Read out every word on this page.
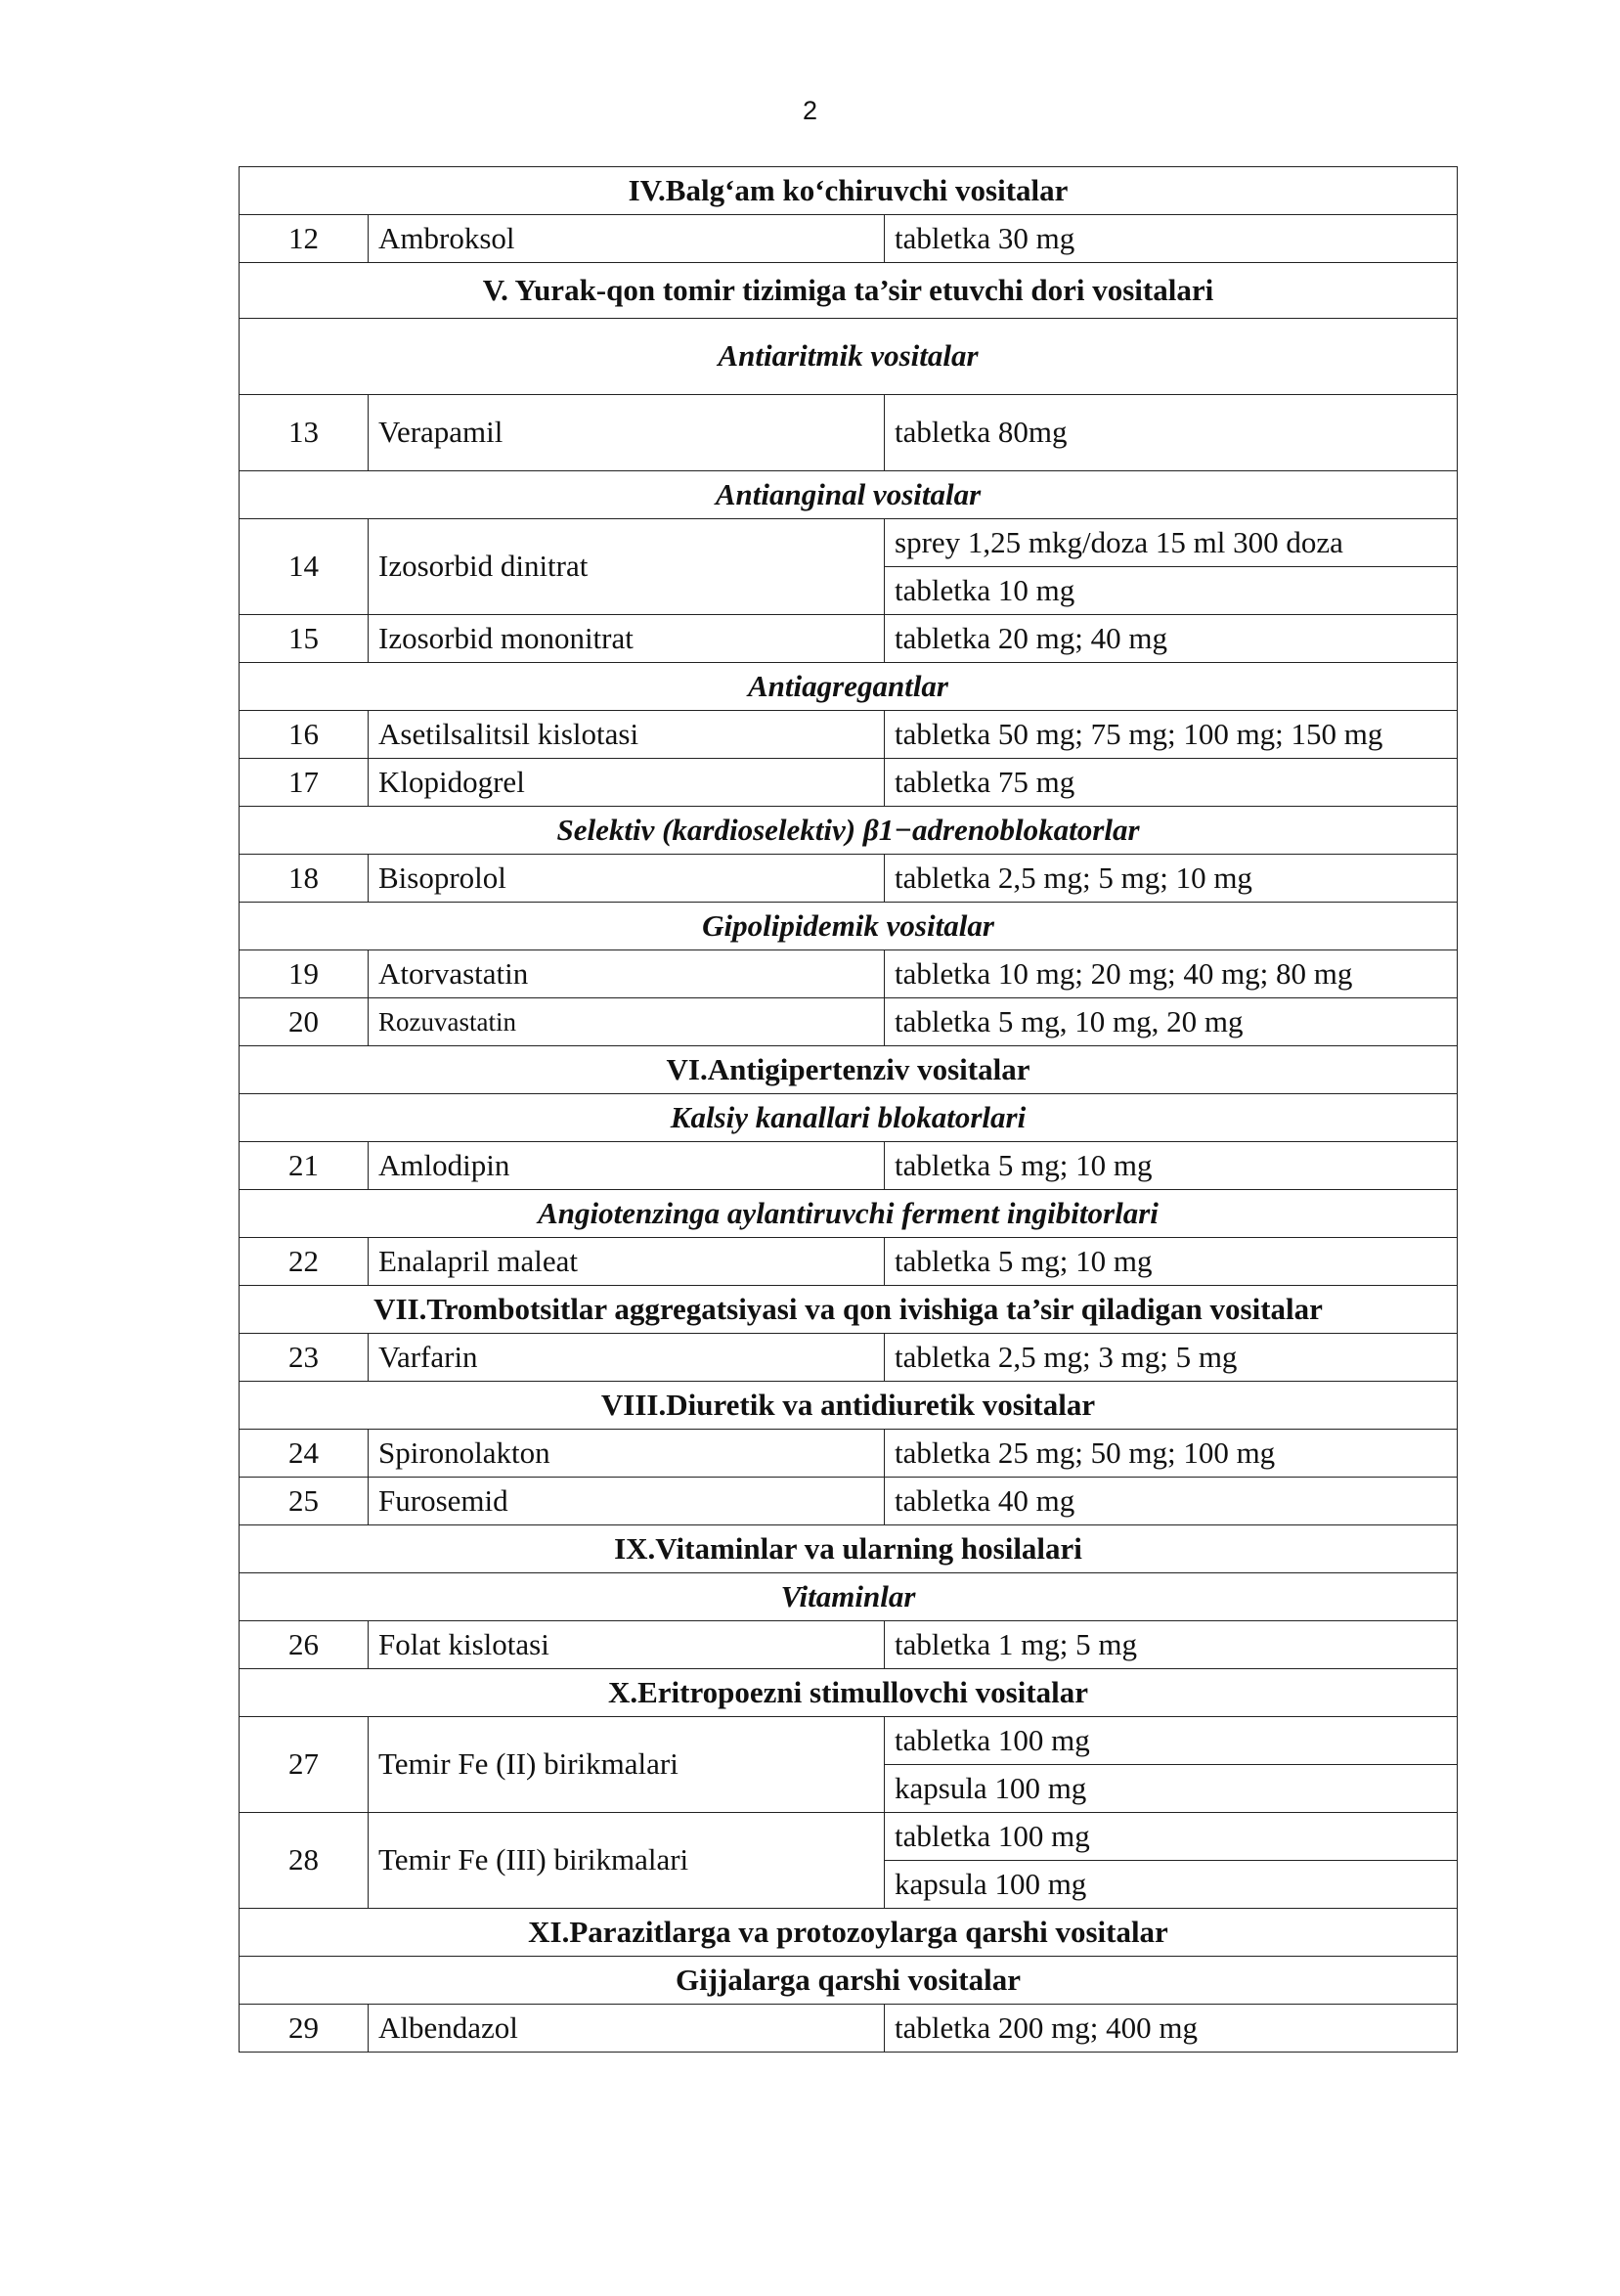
2
IV.Balg‘am ko‘chiruvchi vositalar		
12	Ambroksol	tabletka 30 mg
V. Yurak-qon tomir tizimiga ta’sir etuvchi dori vositalari		
Antiaritmik vositalar		
13	Verapamil	tabletka 80mg
Antianginal vositalar		
14	Izosorbid dinitrat	sprey 1,25 mkg/doza 15 ml 300 doza
		tabletka 10 mg
15	Izosorbid mononitrat	tabletka 20 mg; 40 mg
Antiagregantlar		
16	Asetilsalitsil kislotasi	tabletka 50 mg; 75 mg; 100 mg; 150 mg
17	Klopidogrel	tabletka 75 mg
Selektiv (kardioselektiv) β1−adrenoblokatorlar		
18	Bisoprolol	tabletka 2,5 mg; 5 mg; 10 mg
Gipolipidemik vositalar		
19	Atorvastatin	tabletka 10 mg; 20 mg; 40 mg; 80 mg
20	Rozuvastatin	tabletka 5 mg, 10 mg, 20 mg
VI.Antigipertenziv vositalar		
Kalsiy kanallari blokatorlari		
21	Amlodipin	tabletka 5 mg; 10 mg
Angiotenzinga aylantiruvchi ferment ingibitorlari		
22	Enalapril maleat	tabletka 5 mg; 10 mg
VII.Trombotsitlar aggregatsiyasi va qon ivishiga ta’sir qiladigan vositalar		
23	Varfarin	tabletka 2,5 mg; 3 mg; 5 mg
VIII.Diuretik va antidiuretik vositalar		
24	Spironolakton	tabletka 25 mg; 50 mg; 100 mg
25	Furosemid	tabletka 40 mg
IX.Vitaminlar va ularning hosilalari		
Vitaminlar		
26	Folat kislotasi	tabletka 1 mg; 5 mg
X.Eritropoezni stimullovchi vositalar		
27	Temir Fe (II) birikmalari	tabletka 100 mg
		kapsula 100 mg
28	Temir Fe (III) birikmalari	tabletka 100 mg
		kapsula 100 mg
XI.Parazitlarga va protozoylarga qarshi vositalar		
Gijjalarga qarshi vositalar		
29	Albendazol	tabletka 200 mg; 400 mg
